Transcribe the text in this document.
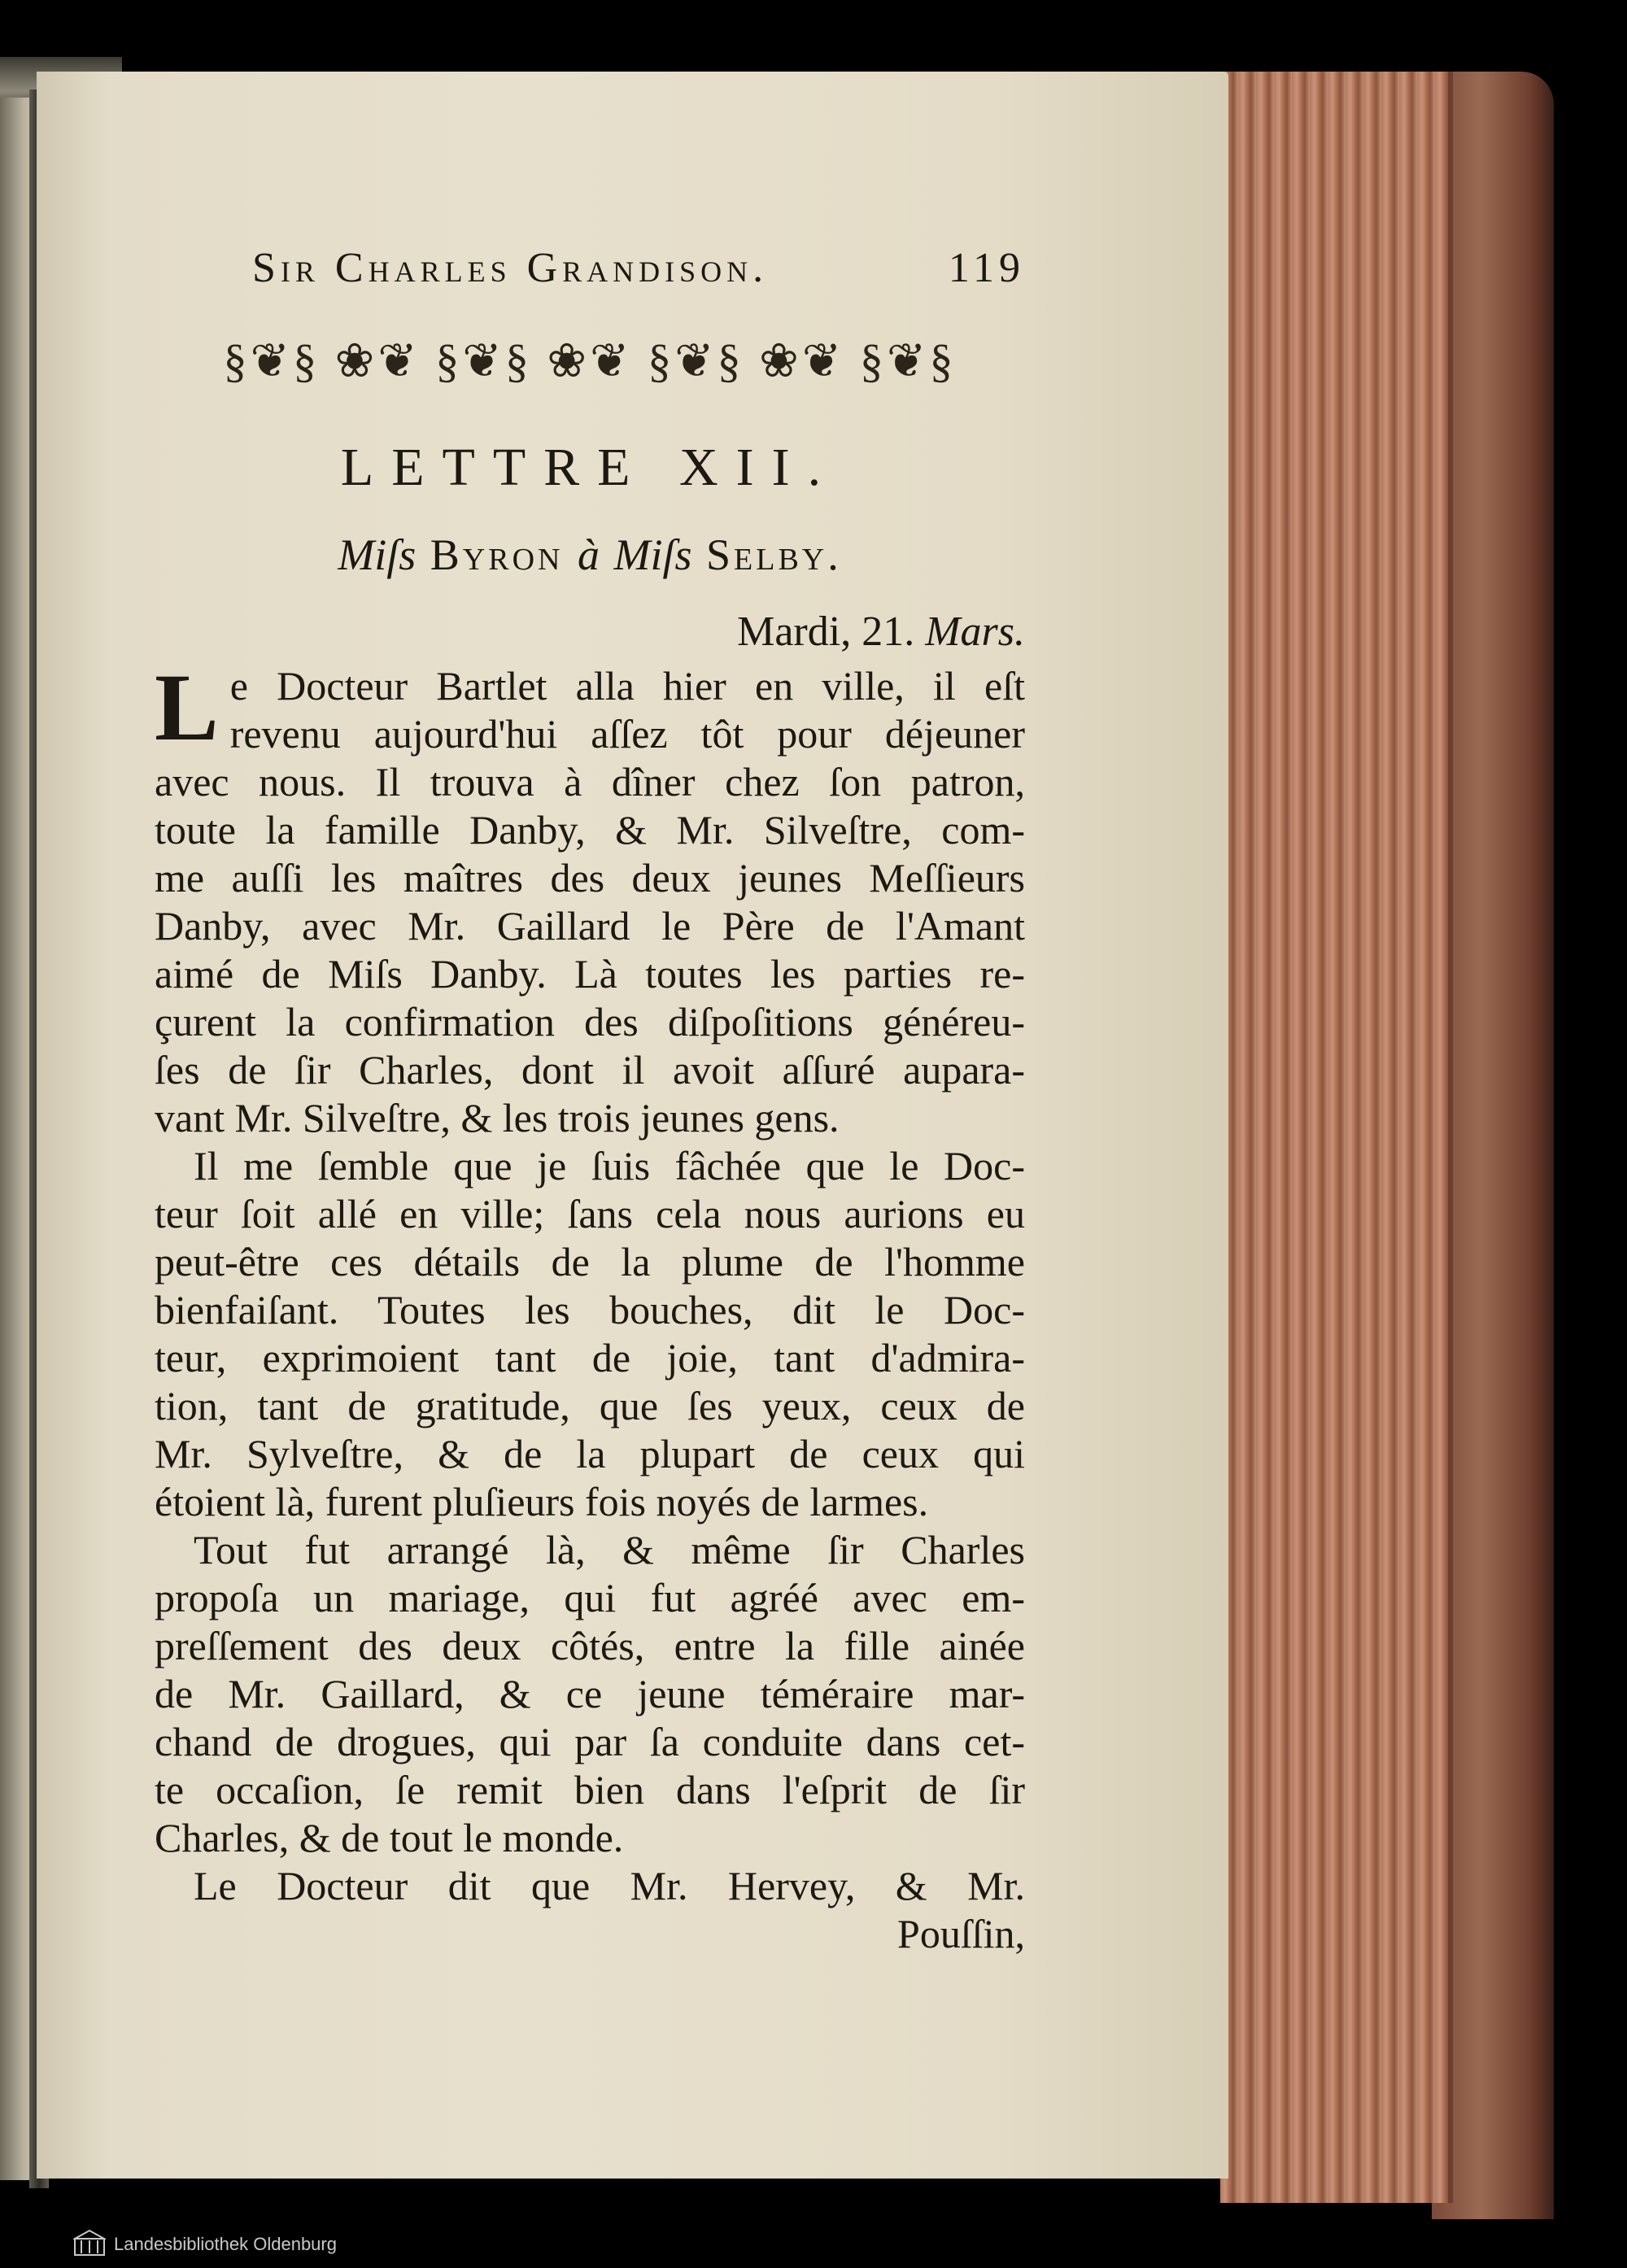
Sir Charles Grandison.	119
§❦§ ❀❦ §❦§ ❀❦ §❦§ ❀❦ §❦§
LETTRE XII.
Miſs Byron à Miſs Selby.
Mardi, 21. Mars.
L e Docteur Bartlet alla hier en ville, il eſt
revenu aujourd'hui aſſez tôt pour déjeuner
avec nous. Il trouva à dîner chez ſon patron,
toute la famille Danby, & Mr. Silveſtre, com-
me auſſi les maîtres des deux jeunes Meſſieurs
Danby, avec Mr. Gaillard le Père de l'Amant
aimé de Miſs Danby. Là toutes les parties re-
çurent la confirmation des diſpoſitions généreu-
ſes de ſir Charles, dont il avoit aſſuré aupara-
vant Mr. Silveſtre, & les trois jeunes gens.
Il me ſemble que je ſuis fâchée que le Doc-
teur ſoit allé en ville; ſans cela nous aurions eu
peut-être ces détails de la plume de l'homme
bienfaiſant. Toutes les bouches, dit le Doc-
teur, exprimoient tant de joie, tant d'admira-
tion, tant de gratitude, que ſes yeux, ceux de
Mr. Sylveſtre, & de la plupart de ceux qui
étoient là, furent pluſieurs fois noyés de larmes.
Tout fut arrangé là, & même ſir Charles
propoſa un mariage, qui fut agréé avec em-
preſſement des deux côtés, entre la fille ainée
de Mr. Gaillard, & ce jeune téméraire mar-
chand de drogues, qui par ſa conduite dans cet-
te occaſion, ſe remit bien dans l'eſprit de ſir
Charles, & de tout le monde.
Le Docteur dit que Mr. Hervey, & Mr.
Pouſſin,
Landesbibliothek Oldenburg
